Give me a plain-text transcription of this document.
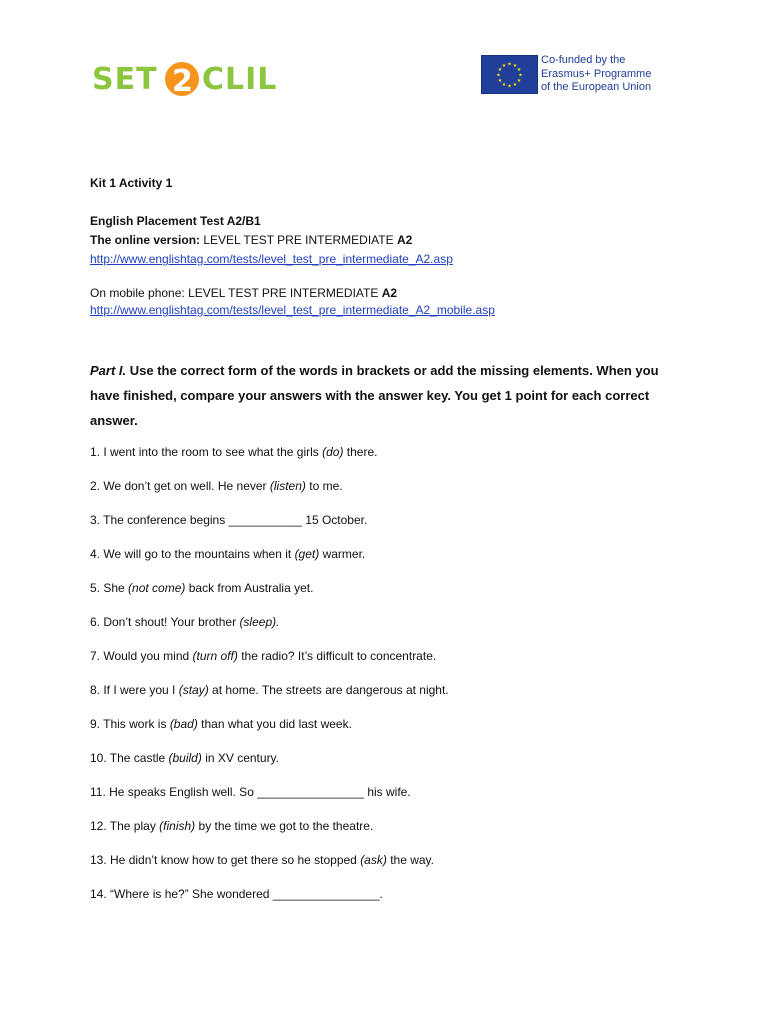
SET 2 CLIL	★ ★
★
★
★
★
★
★
★
★
★
★	Co-funded by the
Erasmus+ Programme
of the European Union
Kit 1 Activity 1
English Placement Test A2/B1
The online version: LEVEL TEST PRE INTERMEDIATE A2
http://www.englishtag.com/tests/level_test_pre_intermediate_A2.asp
On mobile phone: LEVEL TEST PRE INTERMEDIATE A2
http://www.englishtag.com/tests/level_test_pre_intermediate_A2_mobile.asp
Part I. Use the correct form of the words in brackets or add the missing elements. When you have finished, compare your answers with the answer key. You get 1 point for each correct answer.
1. I went into the room to see what the girls (do) there.
2. We don’t get on well. He never (listen) to me.
3. The conference begins ___________ 15 October.
4. We will go to the mountains when it (get) warmer.
5. She (not come) back from Australia yet.
6. Don’t shout! Your brother (sleep).
7. Would you mind (turn off) the radio? It’s difficult to concentrate.
8. If I were you I (stay) at home. The streets are dangerous at night.
9. This work is (bad) than what you did last week.
10. The castle (build) in XV century.
11. He speaks English well. So ________________ his wife.
12. The play (finish) by the time we got to the theatre.
13. He didn’t know how to get there so he stopped (ask) the way.
14. “Where is he?” She wondered ________________.
